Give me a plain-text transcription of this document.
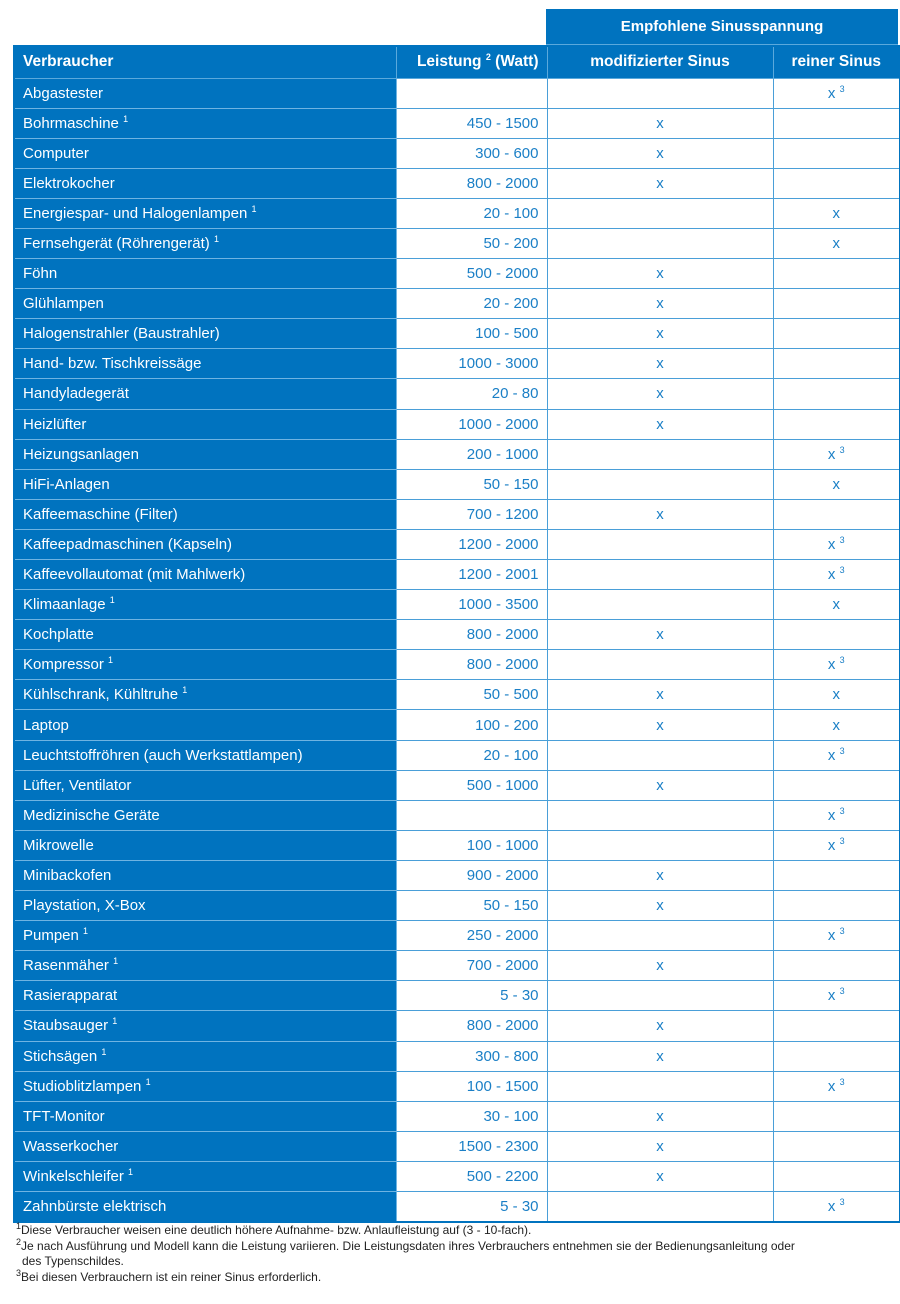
Empfohlene Sinusspannung
Verbraucher	Leistung $^2$ (Watt)	modifizierter Sinus	reiner Sinus
Abgastester			x $^3$
Bohrmaschine $^1$	450 - 1500	x	
Computer	300 - 600	x	
Elektrokocher	800 - 2000	x	
Energiespar- und Halogenlampen $^1$	20 - 100		x
Fernsehgerät (Röhrengerät) $^1$	50 - 200		x
Föhn	500 - 2000	x	
Glühlampen	20 - 200	x	
Halogenstrahler (Baustrahler)	100 - 500	x	
Hand- bzw. Tischkreissäge	1000 - 3000	x	
Handyladegerät	20 - 80	x	
Heizlüfter	1000 - 2000	x	
Heizungsanlagen	200 - 1000		x $^3$
HiFi-Anlagen	50 - 150		x
Kaffeemaschine (Filter)	700 - 1200	x	
Kaffeepadmaschinen (Kapseln)	1200 - 2000		x $^3$
Kaffeevollautomat (mit Mahlwerk)	1200 - 2001		x $^3$
Klimaanlage $^1$	1000 - 3500		x
Kochplatte	800 - 2000	x	
Kompressor $^1$	800 - 2000		x $^3$
Kühlschrank, Kühltruhe $^1$	50 - 500	x	x
Laptop	100 - 200	x	x
Leuchtstoffröhren (auch Werkstattlampen)	20 - 100		x $^3$
Lüfter, Ventilator	500 - 1000	x	
Medizinische Geräte			x $^3$
Mikrowelle	100 - 1000		x $^3$
Minibackofen	900 - 2000	x	
Playstation, X-Box	50 - 150	x	
Pumpen $^1$	250 - 2000		x $^3$
Rasenmäher $^1$	700 - 2000	x	
Rasierapparat	5 - 30		x $^3$
Staubsauger $^1$	800 - 2000	x	
Stichsägen $^1$	300 - 800	x	
Studioblitzlampen $^1$	100 - 1500		x $^3$
TFT-Monitor	30 - 100	x	
Wasserkocher	1500 - 2300	x	
Winkelschleifer $^1$	500 - 2200	x	
Zahnbürste elektrisch	5 - 30		x $^3$
$^1$Diese Verbraucher weisen eine deutlich höhere Aufnahme- bzw. Anlaufleistung auf (3 - 10-fach).
$^2$Je nach Ausführung und Modell kann die Leistung variieren. Die Leistungsdaten ihres Verbrauchers entnehmen sie der Bedienungsanleitung oder
des Typenschildes.
$^3$Bei diesen Verbrauchern ist ein reiner Sinus erforderlich.
